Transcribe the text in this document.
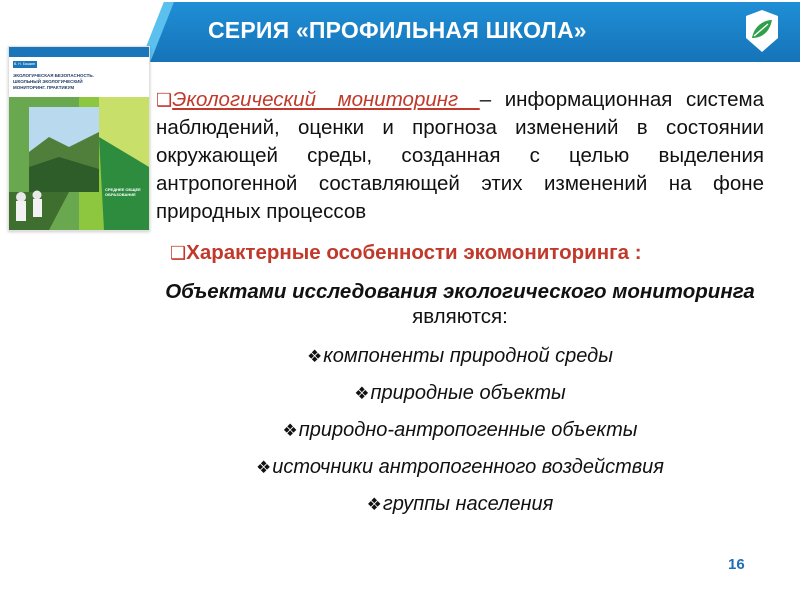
СЕРИЯ «ПРОФИЛЬНАЯ ШКОЛА»
В. Н. Башкин
ЭКОЛОГИЧЕСКАЯ БЕЗОПАСНОСТЬ. ШКОЛЬНЫЙ ЭКОЛОГИЧЕСКИЙ МОНИТОРИНГ. ПРАКТИКУМ
СРЕДНЕЕ ОБЩЕЕ ОБРАЗОВАНИЕ
❑Экологический мониторинг – информационная система наблюдений, оценки и прогноза изменений в состоянии окружающей среды, созданная с целью выделения антропогенной составляющей этих изменений на фоне природных процессов
❑Характерные особенности экомониторинга :
Объектами исследования экологического мониторинга являются:
❖компоненты природной среды
❖природные объекты
❖природно-антропогенные объекты
❖источники антропогенного воздействия
❖группы населения
16
